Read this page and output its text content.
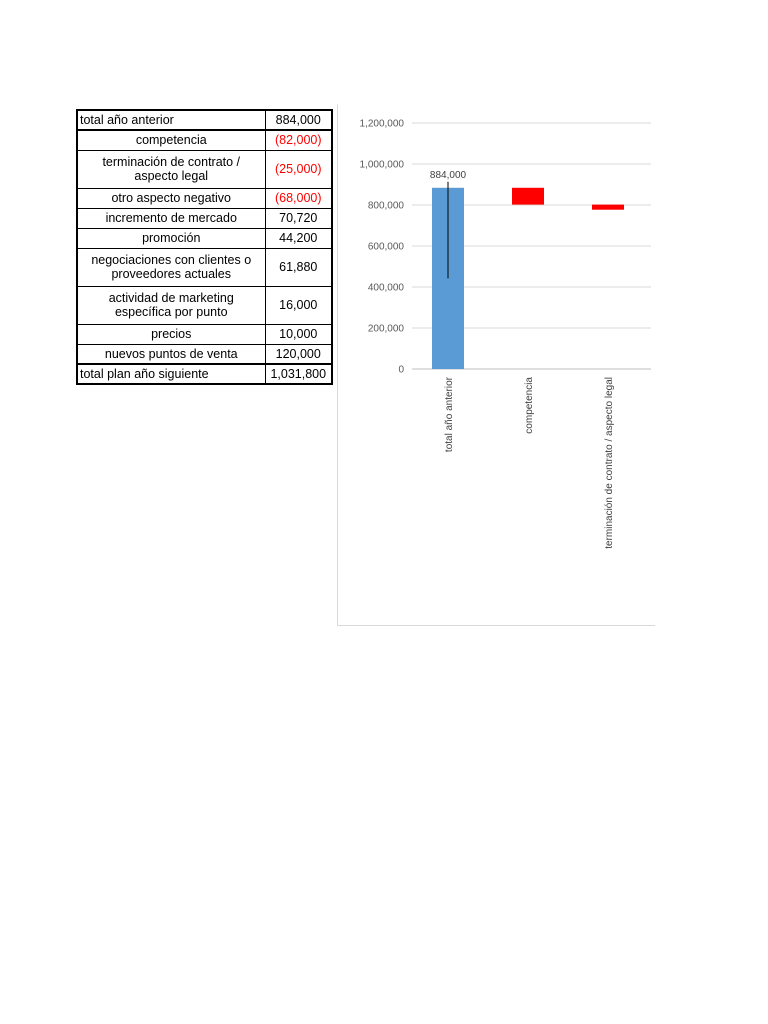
total año anterior	884,000
competencia	(82,000)
terminación de contrato / aspecto legal	(25,000)
otro aspecto negativo	(68,000)
incremento de mercado	70,720
promoción	44,200
negociaciones con clientes o proveedores actuales	61,880
actividad de marketing específica por punto	16,000
precios	10,000
nuevos puntos de venta	120,000
total plan año siguiente	1,031,800	0
200,000
400,000
600,000
800,000
1,000,000
1,200,000
884,000
total año anterior	competencia	terminación de contrato / aspecto legal
